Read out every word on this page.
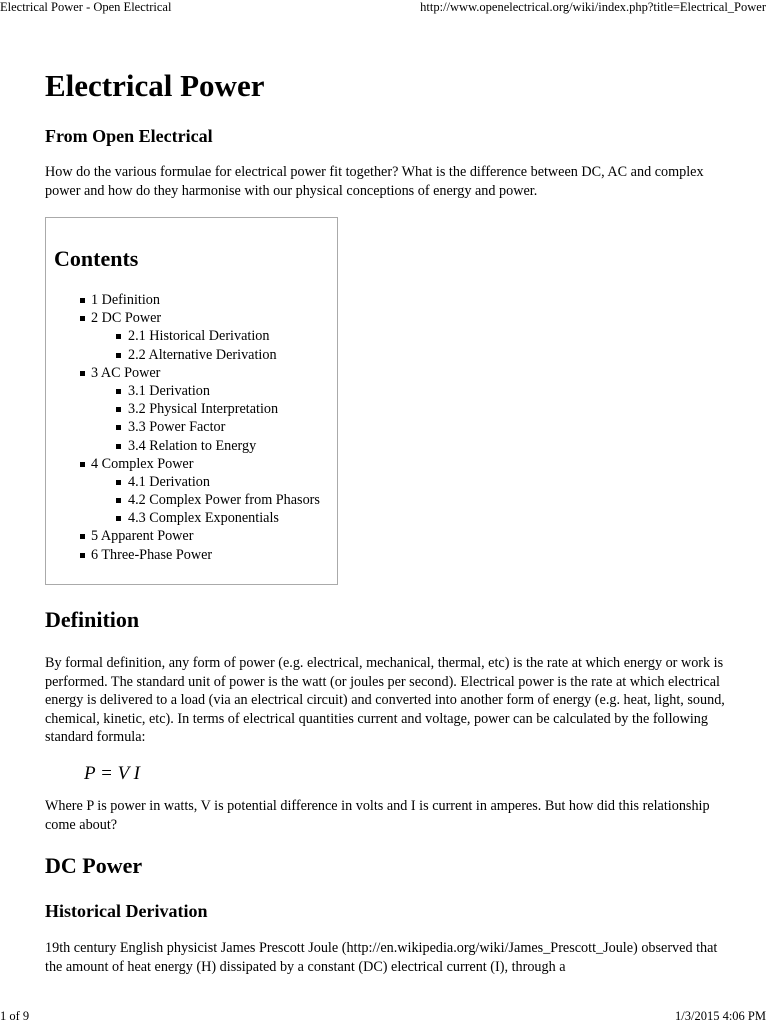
Electrical Power - Open Electrical	http://www.openelectrical.org/wiki/index.php?title=Electrical_Power
Electrical Power
From Open Electrical

How do the various formulae for electrical power fit together? What is the difference between DC, AC and complex power and how do they harmonise with our physical conceptions of energy and power.

Contents
1 Definition
2 DC Power
2.1 Historical Derivation
2.2 Alternative Derivation
3 AC Power
3.1 Derivation
3.2 Physical Interpretation
3.3 Power Factor
3.4 Relation to Energy
4 Complex Power
4.1 Derivation
4.2 Complex Power from Phasors
4.3 Complex Exponentials
5 Apparent Power
6 Three-Phase Power
Definition

By formal definition, any form of power (e.g. electrical, mechanical, thermal, etc) is the rate at which energy or work is performed. The standard unit of power is the watt (or joules per second). Electrical power is the rate at which electrical energy is delivered to a load (via an electrical circuit) and converted into another form of energy (e.g. heat, light, sound, chemical, kinetic, etc). In terms of electrical quantities current and voltage, power can be calculated by the following standard formula:

P = V I

Where P is power in watts, V is potential difference in volts and I is current in amperes. But how did this relationship come about?

DC Power
Historical Derivation

19th century English physicist James Prescott Joule (http://en.wikipedia.org/wiki/James_Prescott_Joule) observed that the amount of heat energy (H) dissipated by a constant (DC) electrical current (I), through a

1 of 9	1/3/2015 4:06 PM
